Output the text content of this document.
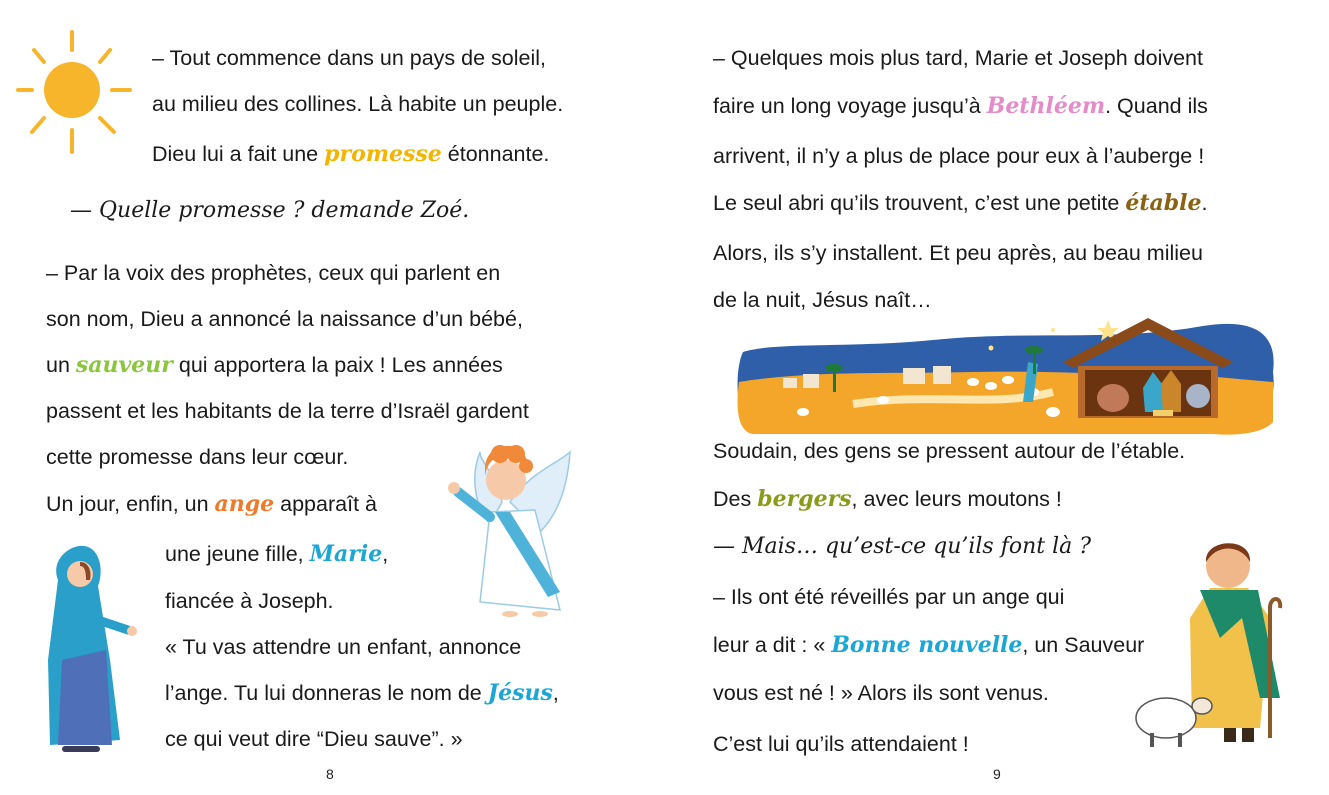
– Tout commence dans un pays de soleil,
au milieu des collines. Là habite un peuple.
Dieu lui a fait une promesse étonnante.
— Quelle promesse ? demande Zoé.
– Par la voix des prophètes, ceux qui parlent en
son nom, Dieu a annoncé la naissance d’un bébé,
un sauveur qui apportera la paix ! Les années
passent et les habitants de la terre d’Israël gardent
cette promesse dans leur cœur.
Un jour, enfin, un ange apparaît à
une jeune fille, Marie,
fiancée à Joseph.
« Tu vas attendre un enfant, annonce
l’ange. Tu lui donneras le nom de Jésus,
ce qui veut dire “Dieu sauve”. »
8
– Quelques mois plus tard, Marie et Joseph doivent
faire un long voyage jusqu’à Bethléem. Quand ils
arrivent, il n’y a plus de place pour eux à l’auberge !
Le seul abri qu’ils trouvent, c’est une petite étable.
Alors, ils s’y installent. Et peu après, au beau milieu
de la nuit, Jésus naît…
Soudain, des gens se pressent autour de l’étable.
Des bergers, avec leurs moutons !
— Mais… qu’est-ce qu’ils font là ?
– Ils ont été réveillés par un ange qui
leur a dit : « Bonne nouvelle, un Sauveur
vous est né ! » Alors ils sont venus.
C’est lui qu’ils attendaient !
9
